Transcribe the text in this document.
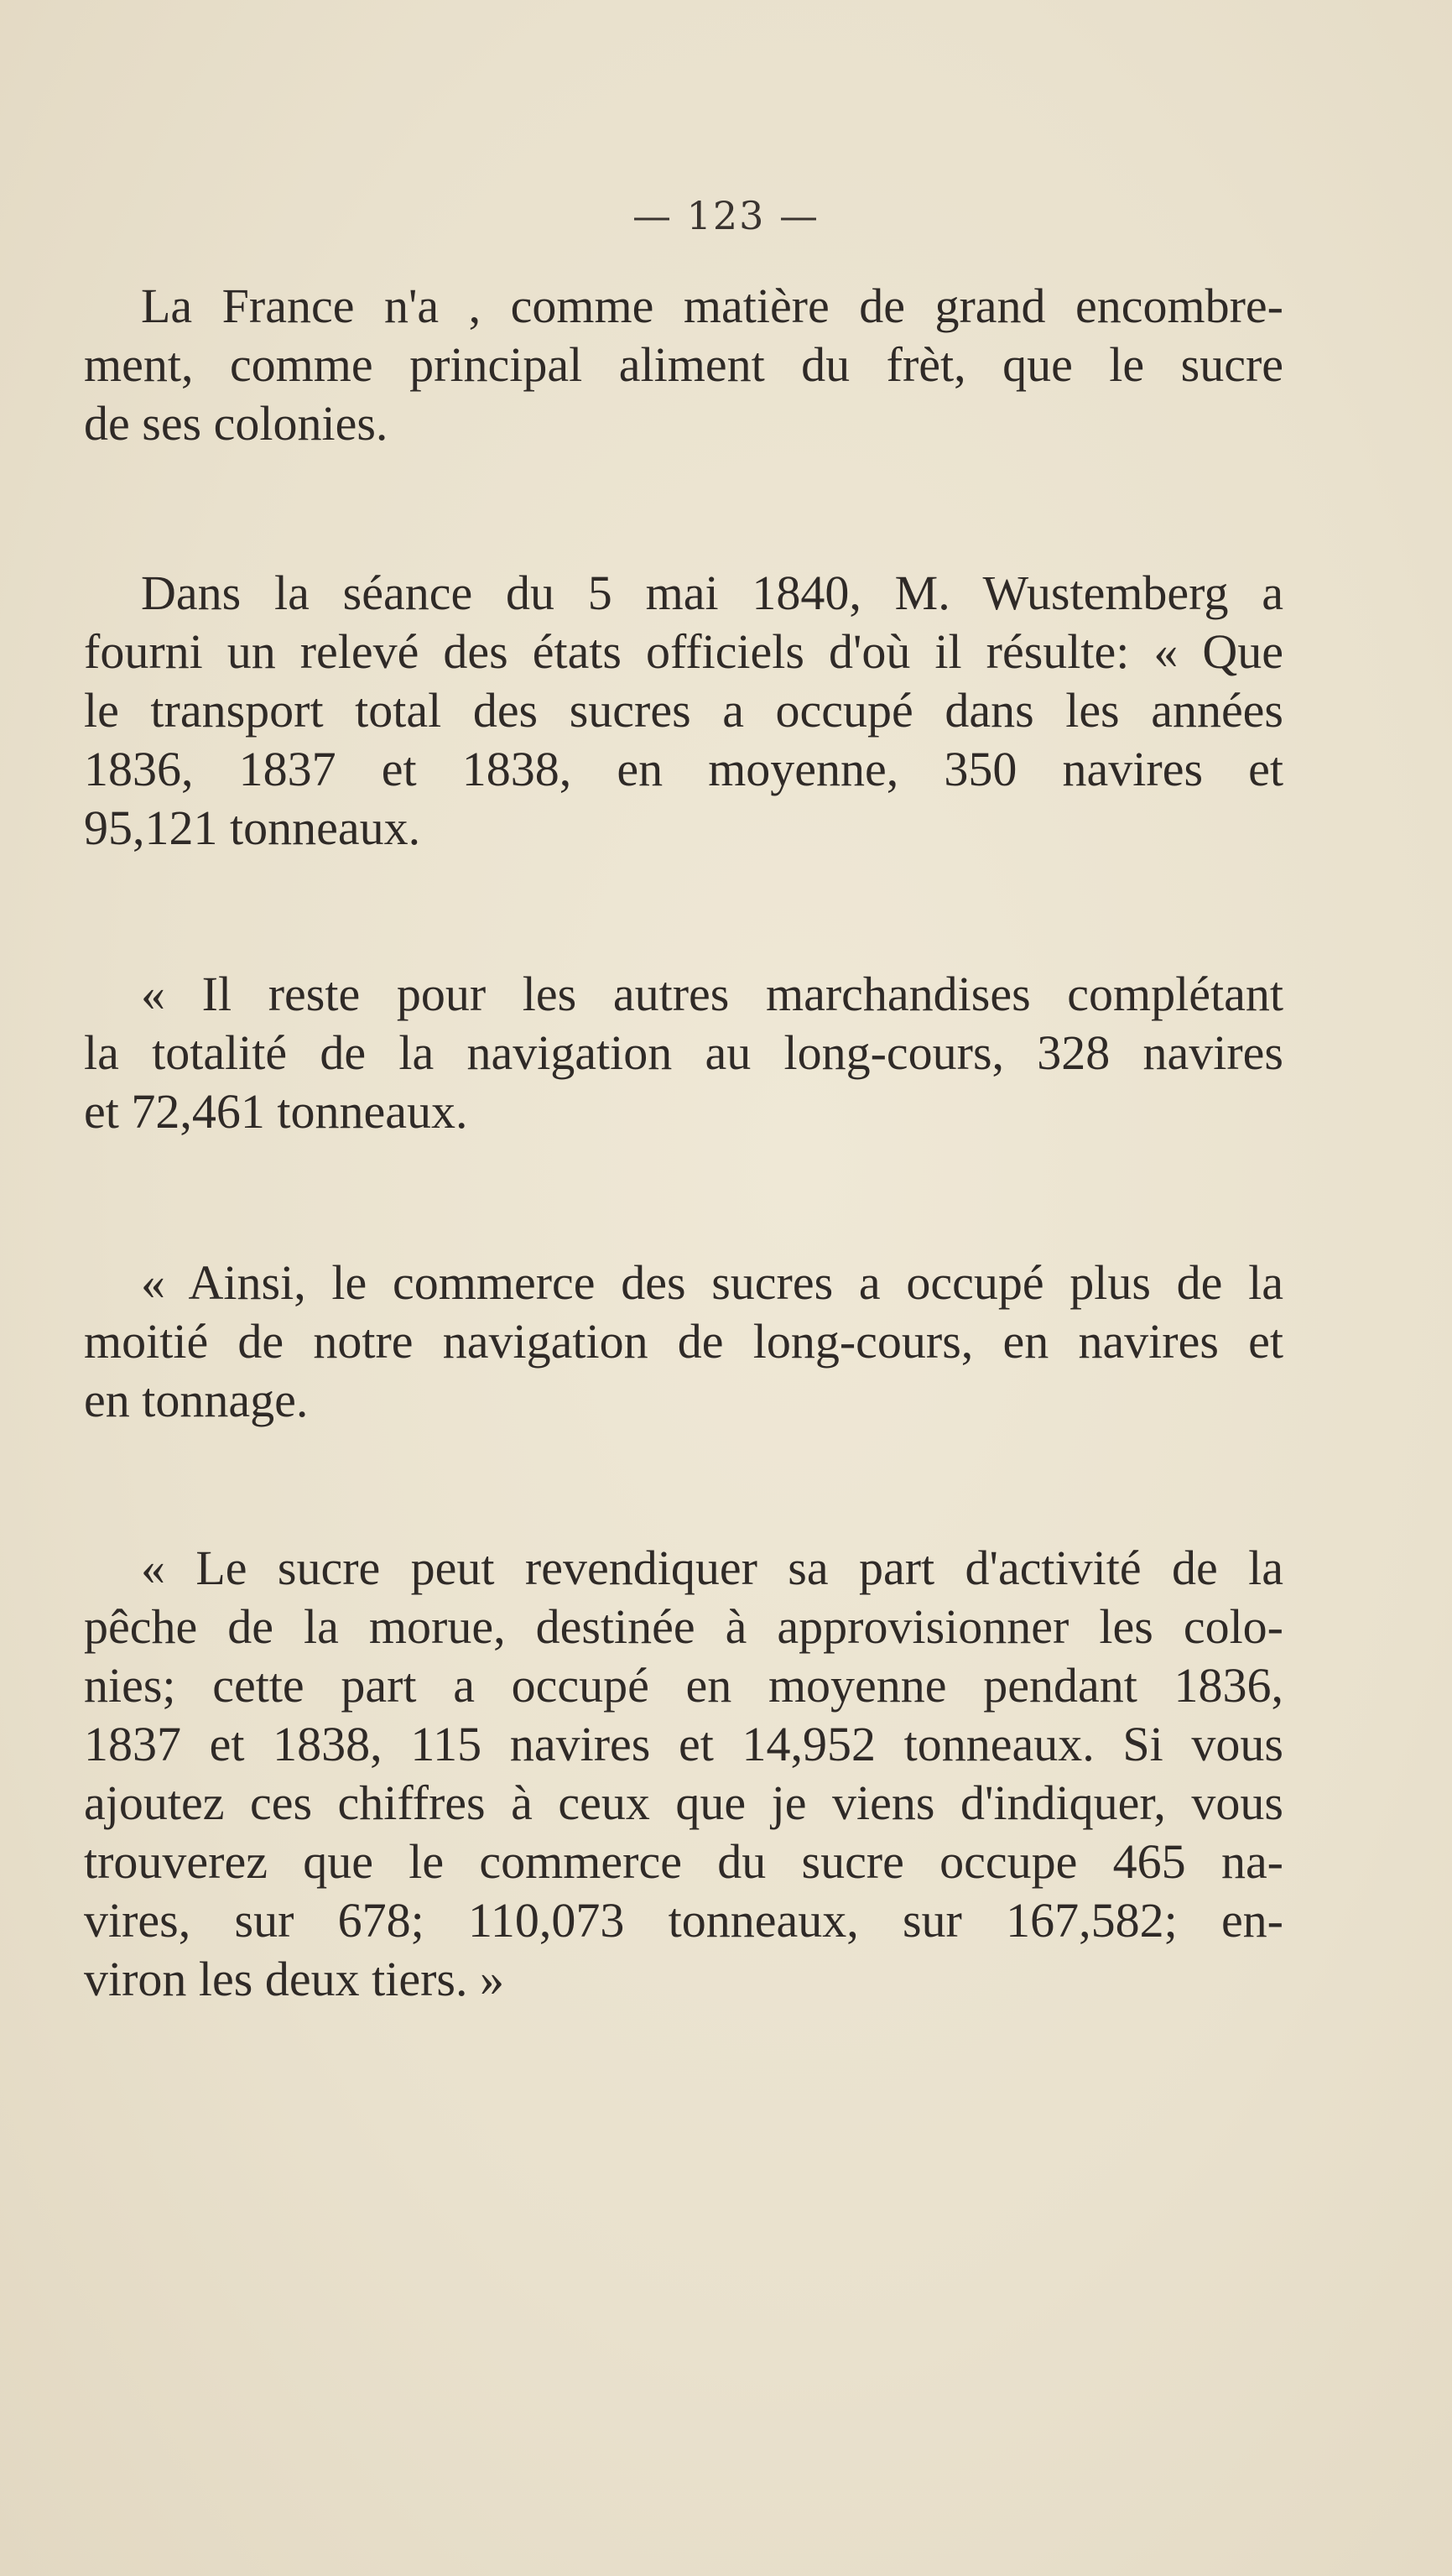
— 123 —
La France n'a , comme matière de grand encombre-
ment, comme principal aliment du frèt, que le sucre
de ses colonies.
Dans la séance du 5 mai 1840, M. Wustemberg a
fourni un relevé des états officiels d'où il résulte: « Que
le transport total des sucres a occupé dans les années
1836, 1837 et 1838, en moyenne, 350 navires et
95,121 tonneaux.
« Il reste pour les autres marchandises complétant
la totalité de la navigation au long-cours, 328 navires
et 72,461 tonneaux.
« Ainsi, le commerce des sucres a occupé plus de la
moitié de notre navigation de long-cours, en navires et
en tonnage.
« Le sucre peut revendiquer sa part d'activité de la
pêche de la morue, destinée à approvisionner les colo-
nies; cette part a occupé en moyenne pendant 1836,
1837 et 1838, 115 navires et 14,952 tonneaux. Si vous
ajoutez ces chiffres à ceux que je viens d'indiquer, vous
trouverez que le commerce du sucre occupe 465 na-
vires, sur 678; 110,073 tonneaux, sur 167,582; en-
viron les deux tiers. »
